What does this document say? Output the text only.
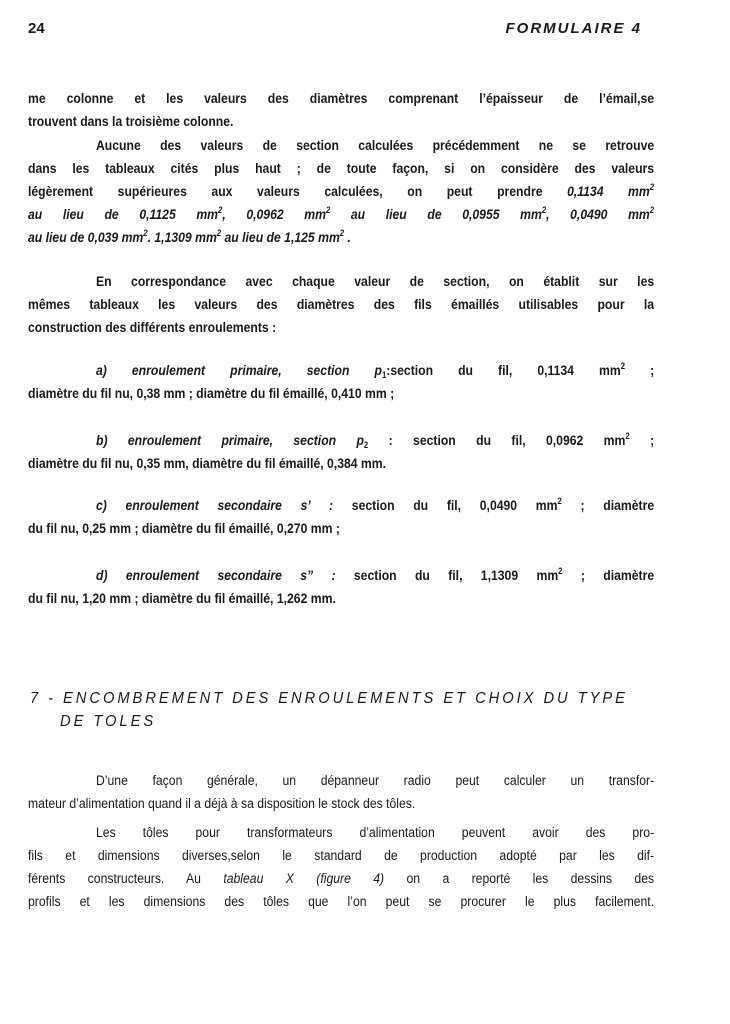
24	FORMULAIRE 4
me colonne et les valeurs des diamètres comprenant l’épaisseur de l’émail,se
trouvent dans la troisième colonne.
Aucune des valeurs de section calculées précédemment ne se retrouve
dans les tableaux cités plus haut ; de toute façon, si on considère des valeurs
légèrement supérieures aux valeurs calculées, on peut prendre 0,1134 $mm^2$
au lieu de 0,1125 $mm^2$, 0,0962 $mm^2$ au lieu de 0,0955 $mm^2$, 0,0490 $mm^2$
au lieu de 0,039 $mm^2$. 1,1309 $mm^2$ au lieu de 1,125 $mm^2$ .
En correspondance avec chaque valeur de section, on établit sur les
mêmes tableaux les valeurs des diamètres des fils émaillés utilisables pour la
construction des différents enroulements :
a) enroulement primaire, section $p_1:section$ du fil, 0,1134 $mm^2$ ;
diamètre du fil nu, 0,38 mm ; diamètre du fil émaillé, 0,410 mm ;
b) enroulement primaire, section $p_2$ : section du fil, 0,0962 $mm^2$ ;
diamètre du fil nu, 0,35 mm, diamètre du fil émaillé, 0,384 mm.
c) enroulement secondaire s’ : section du fil, 0,0490 $mm^2$ ; diamètre
du fil nu, 0,25 mm ; diamètre du fil émaillé, 0,270 mm ;
d) enroulement secondaire s” : section du fil, 1,1309 $mm^2$ ; diamètre
du fil nu, 1,20 mm ; diamètre du fil émaillé, 1,262 mm.
7 - ENCOMBREMENT DES ENROULEMENTS ET CHOIX DU TYPE
DE TOLES
D’une façon générale, un dépanneur radio peut calculer un transfor-
mateur d’alimentation quand il a déjà à sa disposition le stock des tôles.
Les tôles pour transformateurs d’alimentation peuvent avoir des pro-
fils et dimensions diverses,selon le standard de production adopté par les dif-
férents constructeurs. Au tableau X (figure 4) on a reporté les dessins des
profils et les dimensions des tôles que l’on peut se procurer le plus facilement.
